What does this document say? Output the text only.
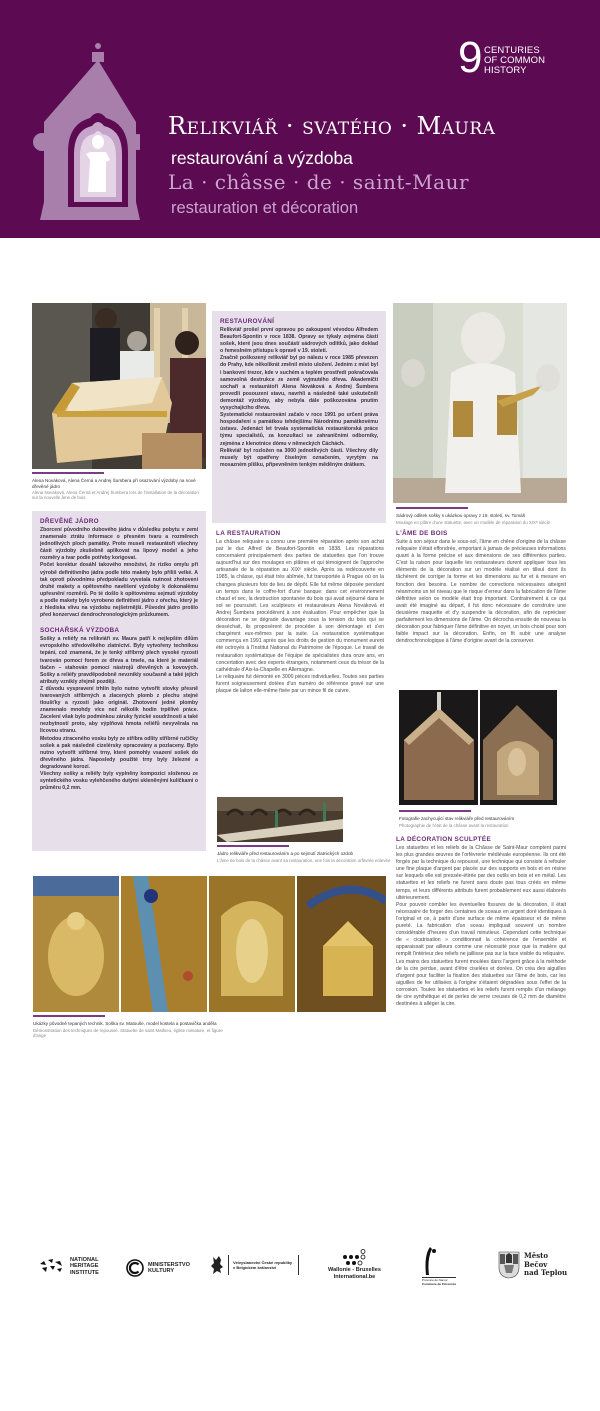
9 CENTURIES
OF COMMON
HISTORY
Relikviář · svatého · Maura
restaurování a výzdoba
La · châsse · de · saint-Maur
restauration et décoration
Alena Nováková, Alena Černá a Andrej Šumbera při osazování výzdoby na nové dřevěné jádro
Alena Nováková, Alena Černá et Andrej Šumbera lors de l'installation de la décoration sur la nouvelle âme de bois
DŘEVĚNÉ JÁDRO

Zborcení původního dubového jádra v důsledku pobytu v zemi znamenalo ztrátu informace o přesném tvaru a rozměrech jednotlivých ploch památky. Proto museli restaurátoři všechny části výzdoby zkušebně aplikovat na lipový model a jeho rozměry a tvar podle potřeby korigovat.

Počet korektur dosáhl takového množství, že riziko omylu při výrobě definitivního jádra podle této makety bylo příliš velké. A tak oproti původnímu předpokladu vyvstala nutnost zhotovení druhé makety a opětovného navěšení výzdoby k dokonalému upřesnění rozměrů. Po té došlo k opětovnému sejmutí výzdoby a podle makety bylo vyrobeno definitivní jádro z ořechu, který je z hlediska vlivu na výzdobu nejšetrnější. Původní jádro prošlo před konzervací dendrochronologickým průzkumem.

SOCHAŘSKÁ VÝZDOBA

Sošky a reliéfy na relikviáři sv. Maura patří k nejlepším dílům evropského středověkého zlatnictví. Byly vytvořeny technikou tepání, což znamená, že je tenký stříbrný plech vysoké ryzosti tvarován pomocí forem ze dřeva a tmele, na které je materiál tlačen – stahován pomocí nástrojů dřevěných a kovových. Sošky a reliéfy pravděpodobně nevznikly současně a také jejich atributy vznikly zřejmě později.

Z důvodu vyspravení trhlin bylo nutno vytvořit stovky přesně tvarovaných stříbrných a zlacených plomb z plechu stejné tloušťky a ryzosti jako originál. Zhotovení jedné plomby znamenalo mnohdy více než několik hodin trpělivé práce. Zacelení však bylo podmínkou záruky fyzické soudržnosti a také nezbytností proto, aby výplňová hmota reliéfů nevyvěrala na lícovou stranu.

Metodou ztraceného vosku byly ze stříbra odlity stříbrné ručičky sošek a pak následně cizelérsky opracovány a pozlaceny. Bylo nutno vytvořit stříbrné trny, které pomohly vsazení sošek do dřevěného jádra. Naposledy použité trny byly železné a degradované korozí.

Všechny sošky a reliéfy byly vyplněny kompozicí složenou ze syntetického vosku vylehčeného dutými skleněnými kuličkami o průměru 0,2 mm.

RESTAUROVÁNÍ

Relikviář prošel první opravou po zakoupení vévodou Alfredem Beaufort-Spontin v roce 1838. Opravy se týkaly zejména částí sošek, které jsou dnes součástí sádrových odlitků, jako doklad o řemeslném přístupu k opravě v 19. století.

Značně poškozený relikviář byl po nálezu v roce 1985 převezen do Prahy, kde několikrát změnil místo uložení. Jedním z míst byl i bankovní trezor, kde v suchém a teplém prostředí pokračovala samovolná destrukce ze země vyjmutého dřeva. Akademičtí sochaři a restaurátoři Alena Nováková a Andrej Šumbera provedli posouzení stavu, navrhli a následně také uskutečnili demontáž výzdoby, aby nebyla dále poškozována pnutím vysychajícího dřeva.

Systematické restaurování začalo v roce 1991 po určení práva hospodaření s památkou tehdejšímu Národnímu památkovému ústavu. Jedenáct let trvala systematická restaurátorská práce týmu specialistů, za konzultací se zahraničními odborníky, zejména z klenotnice dómu v německých Cáchách.

Relikviář byl rozložen na 3000 jednotlivých částí. Všechny díly musely být opatřeny číselným označením, vyrytým na mosazném plíšku, připevněném tenkým měděným drátkem.

LA RESTAURATION

La châsse reliquaire a connu une première réparation après son achat par le duc Alfred de Beaufort-Spontin en 1838. Les réparations concernaient principalement des parties de statuettes que l'on trouve aujourd'hui sur des moulages en plâtres et qui témoignent de l'approche artisanale de la réparation au XIXᵉ siècle. Après sa redécouverte en 1985, la châsse, qui était très abîmée, fut transportée à Prague où on la changea plusieurs fois de lieu de dépôt. Elle fut même déposée pendant un temps dans le coffre-fort d'une banque: dans cet environnement chaud et sec, la destruction spontanée du bois qui avait séjourné dans le sol se poursuivit. Les sculpteurs et restaurateurs Alena Nováková et Andrej Šumbera procédèrent à son évaluation. Pour empêcher que la décoration ne se dégrade davantage sous la tension du bois qui se desséchait, ils proposèrent de procéder à son démontage et s'en chargèrent eux-mêmes par la suite. La restauration systématique commença en 1991 après que les droits de gestion du monument eurent été octroyés à l'Institut National du Patrimoine de l'époque. Le travail de restauration systématique de l'équipe de spécialistes dura onze ans, en concertation avec des experts étrangers, notamment ceux du trésor de la cathédrale d'Aix-la-Chapelle en Allemagne.

Le reliquaire fut démonté en 3000 pièces individuelles. Toutes ses parties furent soigneusement dotées d'un numéro de référence gravé sur une plaque de laiton elle-même fixée par un mince fil de cuivre.

Jádro relikviáře před restaurováním a po sejmutí zlatnických ozdob
L'âme de bois de la châsse avant sa restauration, une fois la décoration orfèvrée enlevée
Ukázky původně tepaných technik. Soška sv. Matouše, model kostela a postavička anděla
Démonstration des techniques de repoussé. Statuette de saint Mathieu, église miniature, et figure d'ange
Sádrový odlitek sošky s ukázkou opravy z 19. století, sv. Tomáš
Moulage en plâtre d'une statuette, avec un modèle de réparation du XIXᵉ siècle
L'ÂME DE BOIS

Suite à son séjour dans le sous-sol, l'âme en chêne d'origine de la châsse reliquaire s'était effondrée, emportant à jamais de précieuses informations quant à la forme précise et aux dimensions de ses différentes parties. C'est la raison pour laquelle les restaurateurs durent appliquer tous les éléments de la décoration sur un modèle réalisé en tilleul dont ils tâchèrent de corriger la forme et les dimensions au fur et à mesure en fonction des besoins. Le nombre de corrections nécessaires atteignit néanmoins un tel niveau que le risque d'erreur dans la fabrication de l'âme définitive selon ce modèle était trop important. Contrairement à ce qui avait été imaginé au départ, il fut donc nécessaire de construire une deuxième maquette et d'y suspendre la décoration, afin de repréciser parfaitement les dimensions de l'âme. On décrocha ensuite de nouveau la décoration pour fabriquer l'âme définitive en noyer, un bois choisi pour son faible impact sur la décoration. Enfin, on fit subir une analyse dendrochronologique à l'âme d'origine avant de la conserver.

Fotografie zachycující stav relikviáře před restaurováním
Photographie de l'état de la châsse avant la restauration
LA DÉCORATION SCULPTÉE

Les statuettes et les reliefs de la Châsse de Saint-Maur comptent parmi les plus grandes œuvres de l'orfèvrerie médiévale européenne. Ils ont été forgés par la technique du repoussé, une technique qui consiste à refouler une fine plaque d'argent par placée sur des supports en bois et en résine sur lesquels elle est pressée-étirée par des outils en bois et en métal. Les statuettes et les reliefs ne furent sans doute pas tous créés en même temps, et leurs différents attributs furent probablement eux aussi élaborés ultérieurement.

Pour pouvoir combler les éventuelles fissures de la décoration, il était nécessaire de forger des centaines de sceaux en argent doré identiques à l'original et ce, à partir d'une surface de même épaisseur et de même pureté. La fabrication d'un sceau impliquait souvent un nombre considérable d'heures d'un travail minutieux. Cependant cette technique de « cicatrisation » conditionnait la cohérence de l'ensemble et apparaissait par ailleurs comme une nécessité pour que la matière qui remplit l'intérieur des reliefs ne jaillisse pas sur la face visible du reliquaire.

Les mains des statuettes furent moulées dans l'argent grâce à la méthode de la cire perdue, avant d'être ciselées et dorées. On créa des aiguilles d'argent pour faciliter la fixation des statuettes sur l'âme de bois, car les aiguilles de fer utilisées à l'origine s'étaient dégradées sous l'effet de la corrosion. Toutes les statuettes et les reliefs furent remplis d'un mélange de cire synthétique et de perles de verre creuses de 0,2 mm de diamètre destinées à alléger la cire.

NATIONAL
HERITAGE
INSTITUTE
MINISTERSTVO
KULTURY
Velvyslanectví České republiky
v Belgickém království	Wallonie - Bruxelles
International.be
Province de Namur
Commune de Florennes
Město
Bečov
nad Teplou
